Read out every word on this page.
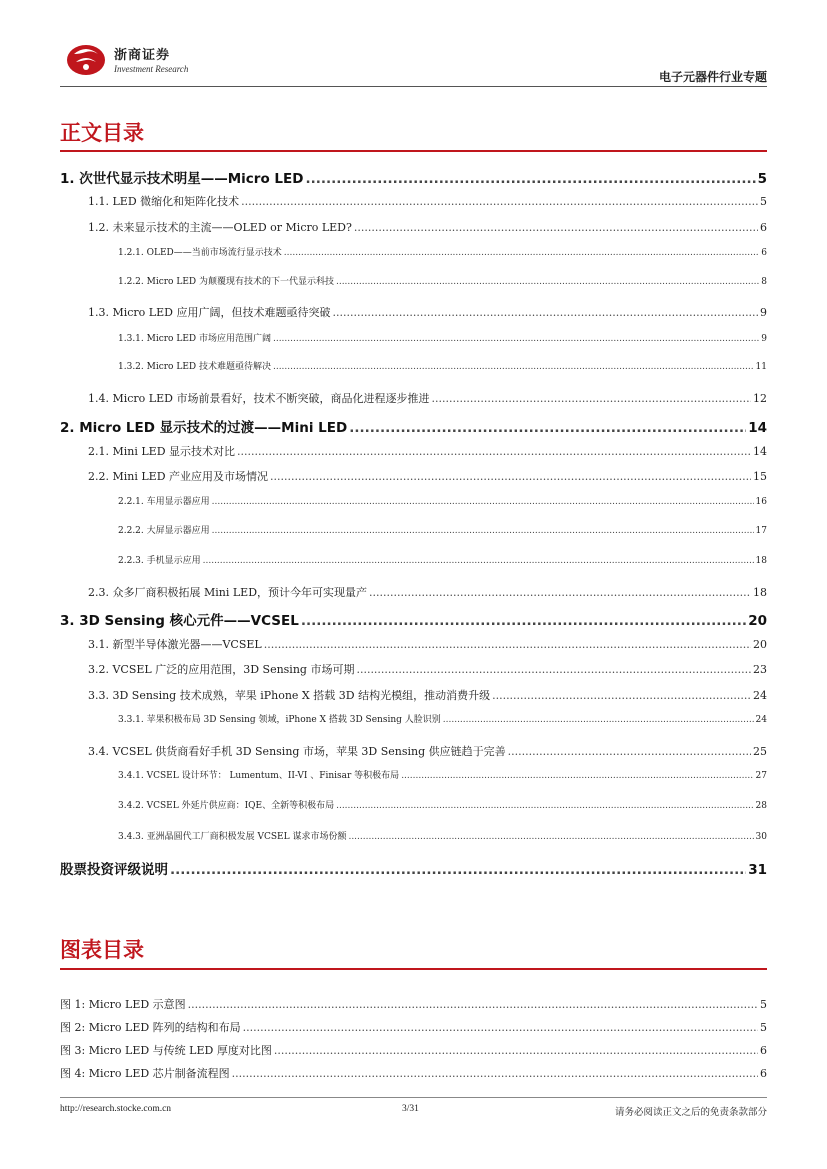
浙商证券
Investment Research
电子元器件行业专题
正文目录
1. 次世代显示技术明星——Micro LED .....	5
1.1. LED 微缩化和矩阵化技术 .....	5
1.2. 未来显示技术的主流——OLED or Micro LED? .....	6
1.2.1. OLED——当前市场流行显示技术 .....	6
1.2.2. Micro LED 为颠覆现有技术的下一代显示科技 .....	8
1.3. Micro LED 应用广阔，但技术难题亟待突破 .....	9
1.3.1. Micro LED 市场应用范围广阔 .....	9
1.3.2. Micro LED 技术难题亟待解决 .....	11
1.4. Micro LED 市场前景看好，技术不断突破，商品化进程逐步推进 .....	12
2. Micro LED 显示技术的过渡——Mini LED .....	14
2.1. Mini LED 显示技术对比 .....	14
2.2. Mini LED 产业应用及市场情况 .....	15
2.2.1. 车用显示器应用 .....	16
2.2.2. 大屏显示器应用 .....	17
2.2.3. 手机显示应用 .....	18
2.3. 众多厂商积极拓展 Mini LED，预计今年可实现量产 .....	18
3. 3D Sensing 核心元件——VCSEL .....	20
3.1. 新型半导体激光器——VCSEL .....	20
3.2. VCSEL 广泛的应用范围，3D Sensing 市场可期 .....	23
3.3. 3D Sensing 技术成熟，苹果 iPhone X 搭载 3D 结构光模组，推动消费升级 .....	24
3.3.1. 苹果积极布局 3D Sensing 领域，iPhone X 搭载 3D Sensing 人脸识别 .....	24
3.4. VCSEL 供货商看好手机 3D Sensing 市场，苹果 3D Sensing 供应链趋于完善 .....	25
3.4.1. VCSEL 设计环节： Lumentum、II-VI 、Finisar 等积极布局 .....	27
3.4.2. VCSEL 外延片供应商：IQE、全新等积极布局 .....	28
3.4.3. 亚洲晶圆代工厂商积极发展 VCSEL 谋求市场份额 .....	30
股票投资评级说明 .....	31
图表目录
图 1: Micro LED 示意图 .....	5
图 2: Micro LED 阵列的结构和布局 .....	5
图 3: Micro LED 与传统 LED 厚度对比图 .....	6
图 4: Micro LED 芯片制备流程图 .....	6
http://research.stocke.com.cn	3/31	请务必阅读正文之后的免责条款部分
